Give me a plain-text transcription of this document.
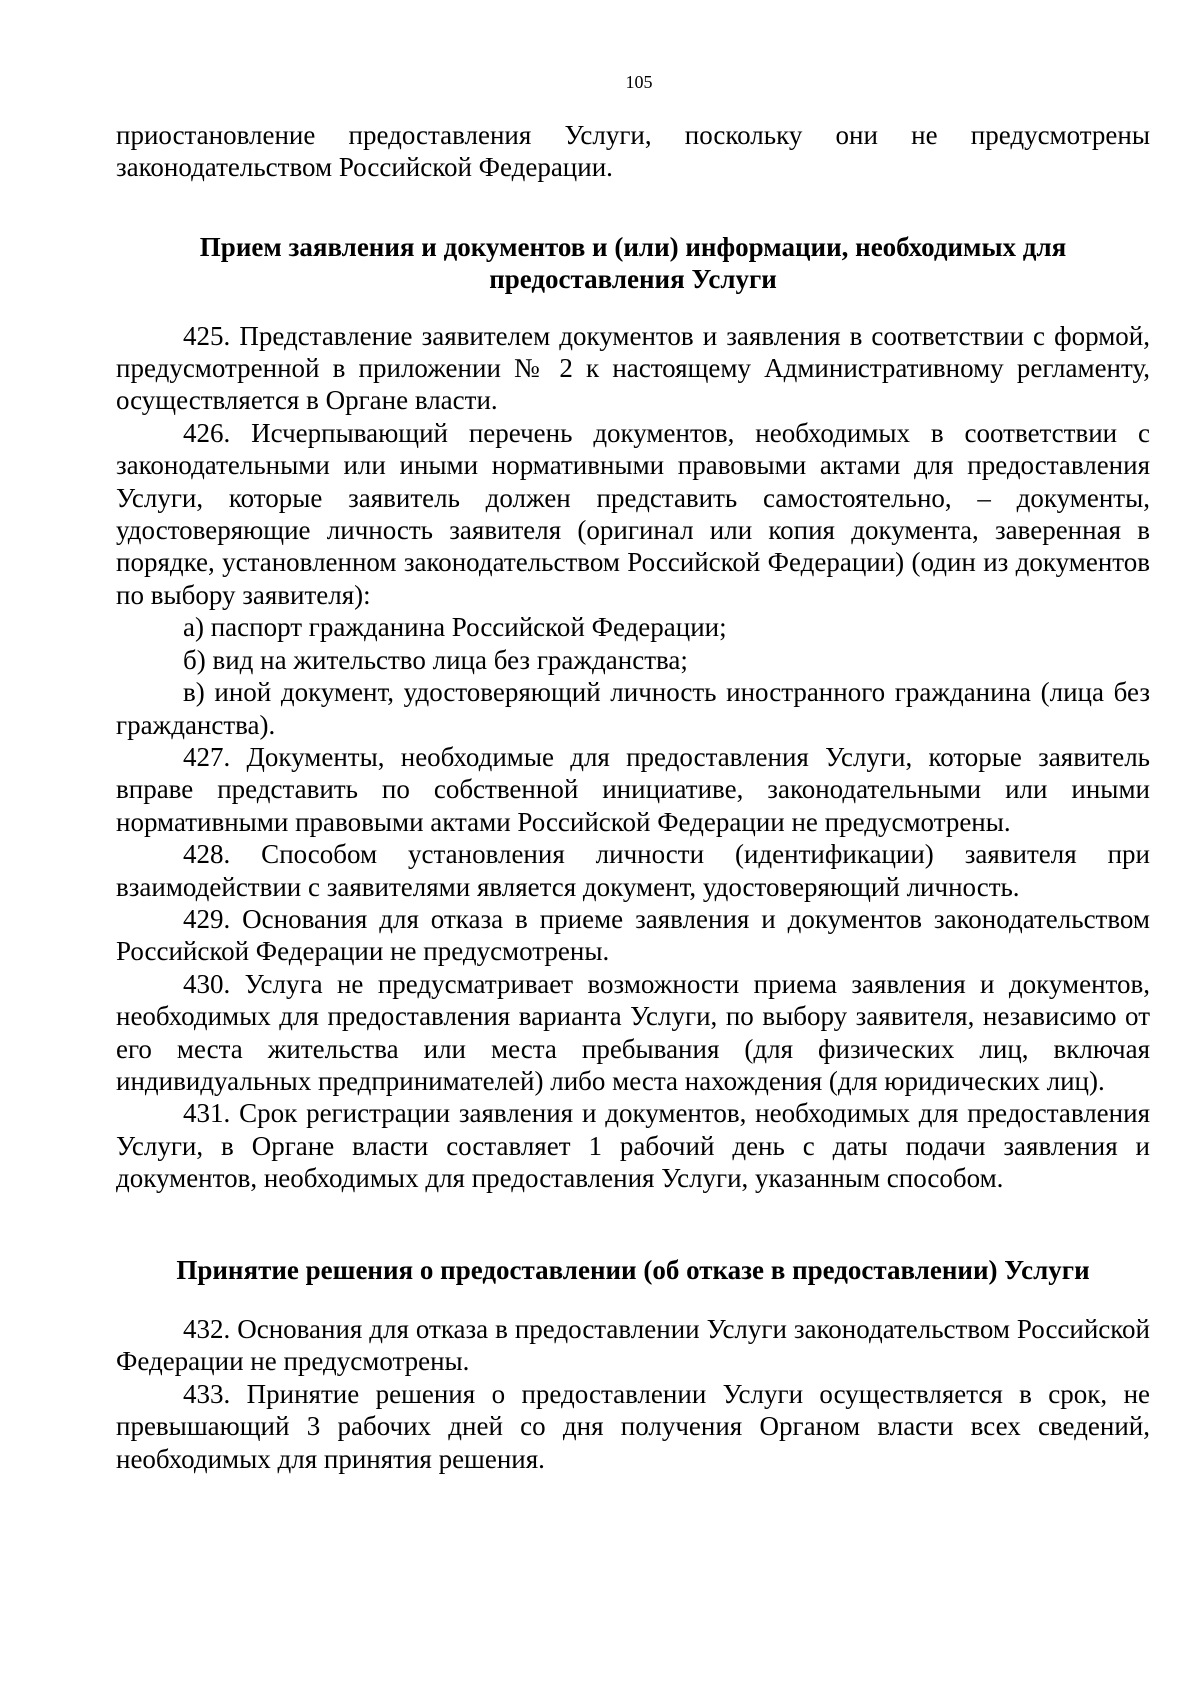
105

приостановление предоставления Услуги, поскольку они не предусмотрены законодательством Российской Федерации.

Прием заявления и документов и (или) информации, необходимых для
предоставления Услуги

425. Представление заявителем документов и заявления в соответствии с формой, предусмотренной в приложении № 2 к настоящему Административному регламенту, осуществляется в Органе власти.

426. Исчерпывающий перечень документов, необходимых в соответствии с законодательными или иными нормативными правовыми актами для предоставления Услуги, которые заявитель должен представить самостоятельно, – документы, удостоверяющие личность заявителя (оригинал или копия документа, заверенная в порядке, установленном законодательством Российской Федерации) (один из документов по выбору заявителя):

а) паспорт гражданина Российской Федерации;

б) вид на жительство лица без гражданства;

в) иной документ, удостоверяющий личность иностранного гражданина (лица без гражданства).

427. Документы, необходимые для предоставления Услуги, которые заявитель вправе представить по собственной инициативе, законодательными или иными нормативными правовыми актами Российской Федерации не предусмотрены.

428. Способом установления личности (идентификации) заявителя при взаимодействии с заявителями является документ, удостоверяющий личность.

429. Основания для отказа в приеме заявления и документов законодательством Российской Федерации не предусмотрены.

430. Услуга не предусматривает возможности приема заявления и документов, необходимых для предоставления варианта Услуги, по выбору заявителя, независимо от его места жительства или места пребывания (для физических лиц, включая индивидуальных предпринимателей) либо места нахождения (для юридических лиц).

431. Срок регистрации заявления и документов, необходимых для предоставления Услуги, в Органе власти составляет 1 рабочий день с даты подачи заявления и документов, необходимых для предоставления Услуги, указанным способом.

Принятие решения о предоставлении (об отказе в предоставлении) Услуги

432. Основания для отказа в предоставлении Услуги законодательством Российской Федерации не предусмотрены.

433. Принятие решения о предоставлении Услуги осуществляется в срок, не превышающий 3 рабочих дней со дня получения Органом власти всех сведений, необходимых для принятия решения.
